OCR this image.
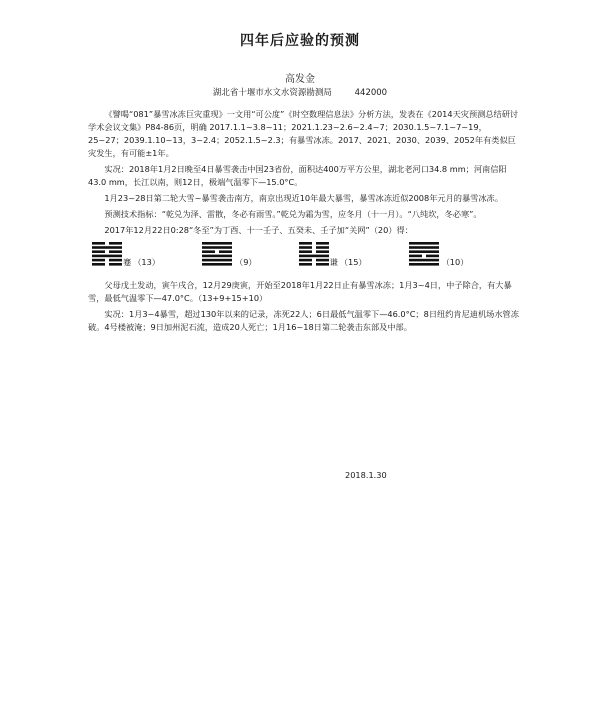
四年后应验的预测
高发金
湖北省十堰市水文水资源勘测局	442000

《譬喝“081”暴雪冰冻巨灾重现》一文用“可公度”《时空数理信息法》分析方法，发表在《2014天灾预测总结研讨学术会议文集》P84-86页，明确 2017.1.1~3.8~11；2021.1.23~2.6~2.4~7；2030.1.5~7.1~7~19，25~27；2039.1.10~13，3~2.4；2052.1.5~2.3；有暴雪冰冻。2017、2021、2030、2039、2052年有类似巨灾发生，有可能±1年。

实况：2018年1月2日晚至4日暴雪袭击中国23省份，面积达400万平方公里，湖北老河口34.8 mm；河南信阳43.0 mm，长江以南，则12日，极端气温零下—15.0°C。

1月23~28日第二轮大雪~暴雪袭击南方，南京出现近10年最大暴雪，暴雪冰冻近似2008年元月的暴雪冰冻。

预测技术指标：“乾兑为泽、雷散，冬必有雨雪。”乾兑为霜为雪，应冬月（十一月）。“八纯坎，冬必寒”。

2017年12月22日0:28“冬至”为丁酉、十一壬子、五癸未、壬子加“关网”（20）得：

蹇 （13）	（9）	谦 （15）	（10）

父母戊土发动，寅午戌合，12月29庚寅，开始至2018年1月22日止有暴雪冰冻；1月3~4日，中子除合，有大暴雪，最低气温零下—47.0°C。（13+9+15+10）

实况：1月3~4暴雪，超过130年以来的记录，冻死22人；6日最低气温零下—46.0°C；8日纽约肯尼迪机场水管冻破。4号楼被淹；9日加州泥石流，造成20人死亡；1月16~18日第二轮袭击东部及中部。

2018.1.30
